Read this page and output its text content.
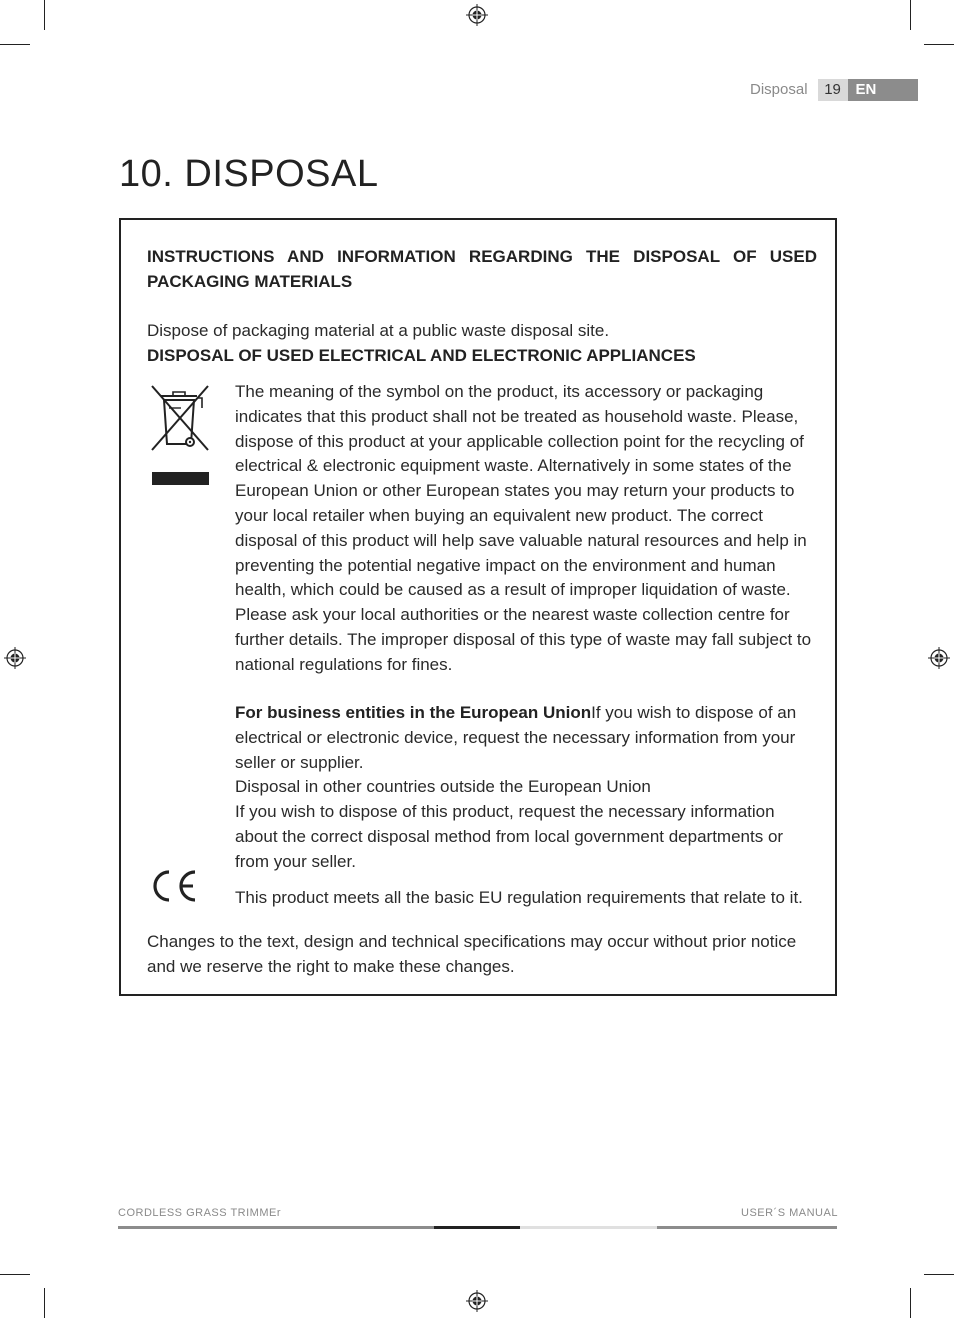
Disposal	19 EN
10. DISPOSAL
INSTRUCTIONS AND INFORMATION REGARDING THE DISPOSAL OF USED PACKAGING MATERIALS
Dispose of packaging material at a public waste disposal site.
DISPOSAL OF USED ELECTRICAL AND ELECTRONIC APPLIANCES
The meaning of the symbol on the product, its accessory or packaging indicates that this product shall not be treated as household waste. Please, dispose of this product at your applicable collection point for the recycling of electrical & electronic equipment waste. Alternatively in some states of the European Union or other European states you may return your products to your local retailer when buying an equivalent new product. The correct disposal of this product will help save valuable natural resources and help in preventing the potential negative impact on the environment and human health, which could be caused as a result of improper liquidation of waste. Please ask your local authorities or the nearest waste collection centre for further details. The improper disposal of this type of waste may fall subject to national regulations for fines.
For business entities in the European UnionIf you wish to dispose of an electrical or electronic device, request the necessary information from your seller or supplier.
Disposal in other countries outside the European Union
If you wish to dispose of this product, request the necessary information about the correct disposal method from local government departments or from your seller.
This product meets all the basic EU regulation requirements that relate to it.
Changes to the text, design and technical specifications may occur without prior notice and we reserve the right to make these changes.
CORDLESS GRASS TRIMMEr	USER´S MANUAL
